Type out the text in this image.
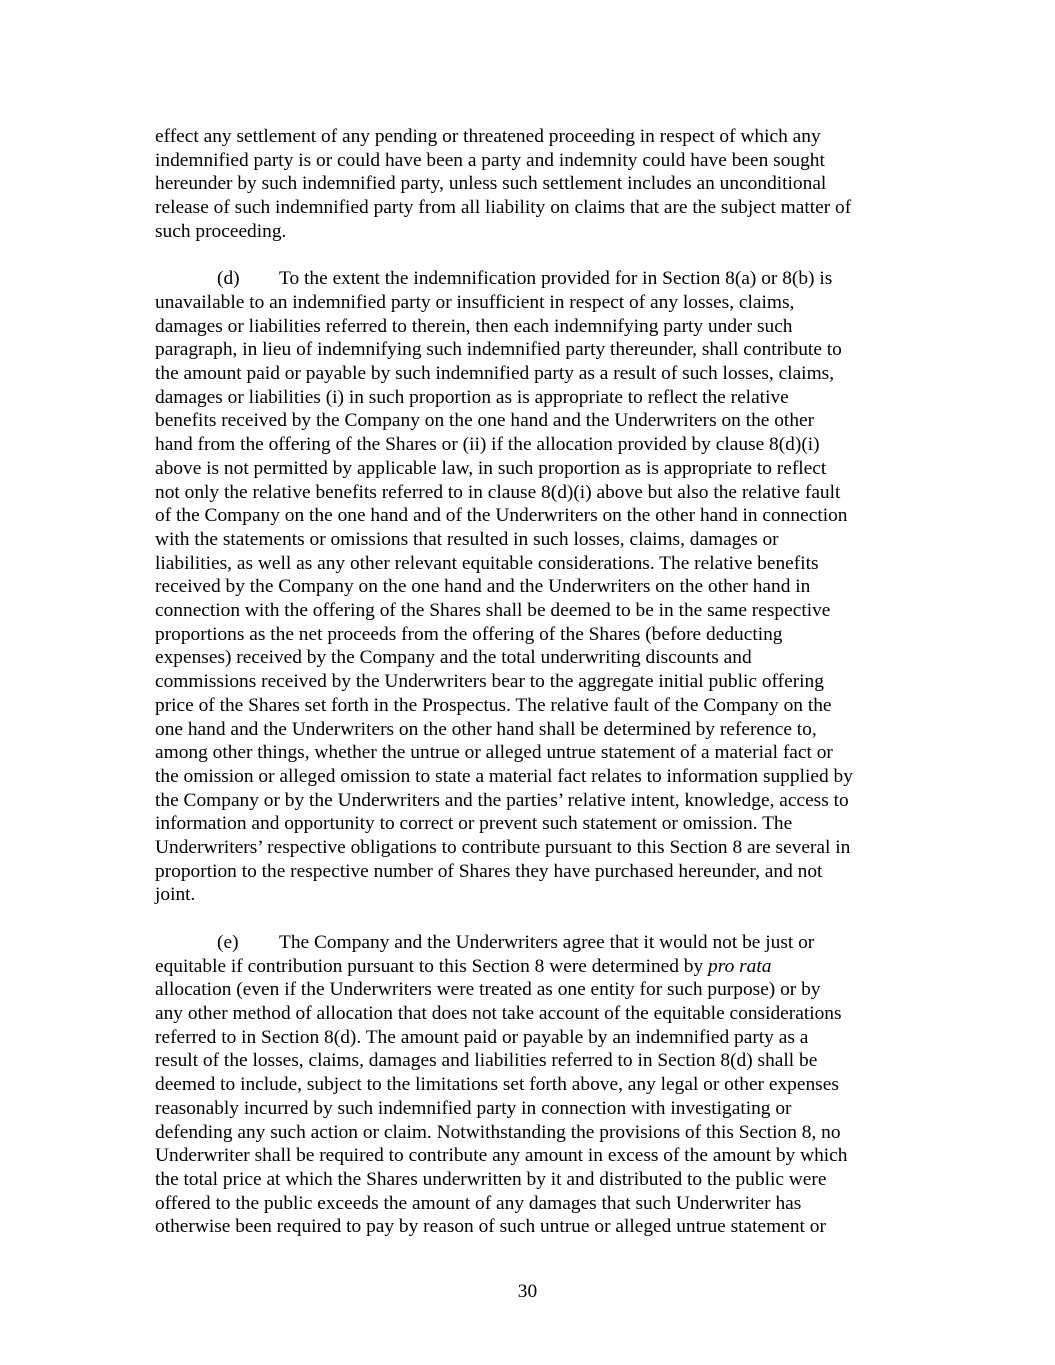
effect any settlement of any pending or threatened proceeding in respect of which any
indemnified party is or could have been a party and indemnity could have been sought
hereunder by such indemnified party, unless such settlement includes an unconditional
release of such indemnified party from all liability on claims that are the subject matter of
such proceeding.
(d) To the extent the indemnification provided for in Section 8(a) or 8(b) is
unavailable to an indemnified party or insufficient in respect of any losses, claims,
damages or liabilities referred to therein, then each indemnifying party under such
paragraph, in lieu of indemnifying such indemnified party thereunder, shall contribute to
the amount paid or payable by such indemnified party as a result of such losses, claims,
damages or liabilities (i) in such proportion as is appropriate to reflect the relative
benefits received by the Company on the one hand and the Underwriters on the other
hand from the offering of the Shares or (ii) if the allocation provided by clause 8(d)(i)
above is not permitted by applicable law, in such proportion as is appropriate to reflect
not only the relative benefits referred to in clause 8(d)(i) above but also the relative fault
of the Company on the one hand and of the Underwriters on the other hand in connection
with the statements or omissions that resulted in such losses, claims, damages or
liabilities, as well as any other relevant equitable considerations. The relative benefits
received by the Company on the one hand and the Underwriters on the other hand in
connection with the offering of the Shares shall be deemed to be in the same respective
proportions as the net proceeds from the offering of the Shares (before deducting
expenses) received by the Company and the total underwriting discounts and
commissions received by the Underwriters bear to the aggregate initial public offering
price of the Shares set forth in the Prospectus. The relative fault of the Company on the
one hand and the Underwriters on the other hand shall be determined by reference to,
among other things, whether the untrue or alleged untrue statement of a material fact or
the omission or alleged omission to state a material fact relates to information supplied by
the Company or by the Underwriters and the parties’ relative intent, knowledge, access to
information and opportunity to correct or prevent such statement or omission. The
Underwriters’ respective obligations to contribute pursuant to this Section 8 are several in
proportion to the respective number of Shares they have purchased hereunder, and not
joint.
(e) The Company and the Underwriters agree that it would not be just or
equitable if contribution pursuant to this Section 8 were determined by pro rata
allocation (even if the Underwriters were treated as one entity for such purpose) or by
any other method of allocation that does not take account of the equitable considerations
referred to in Section 8(d). The amount paid or payable by an indemnified party as a
result of the losses, claims, damages and liabilities referred to in Section 8(d) shall be
deemed to include, subject to the limitations set forth above, any legal or other expenses
reasonably incurred by such indemnified party in connection with investigating or
defending any such action or claim. Notwithstanding the provisions of this Section 8, no
Underwriter shall be required to contribute any amount in excess of the amount by which
the total price at which the Shares underwritten by it and distributed to the public were
offered to the public exceeds the amount of any damages that such Underwriter has
otherwise been required to pay by reason of such untrue or alleged untrue statement or
30
